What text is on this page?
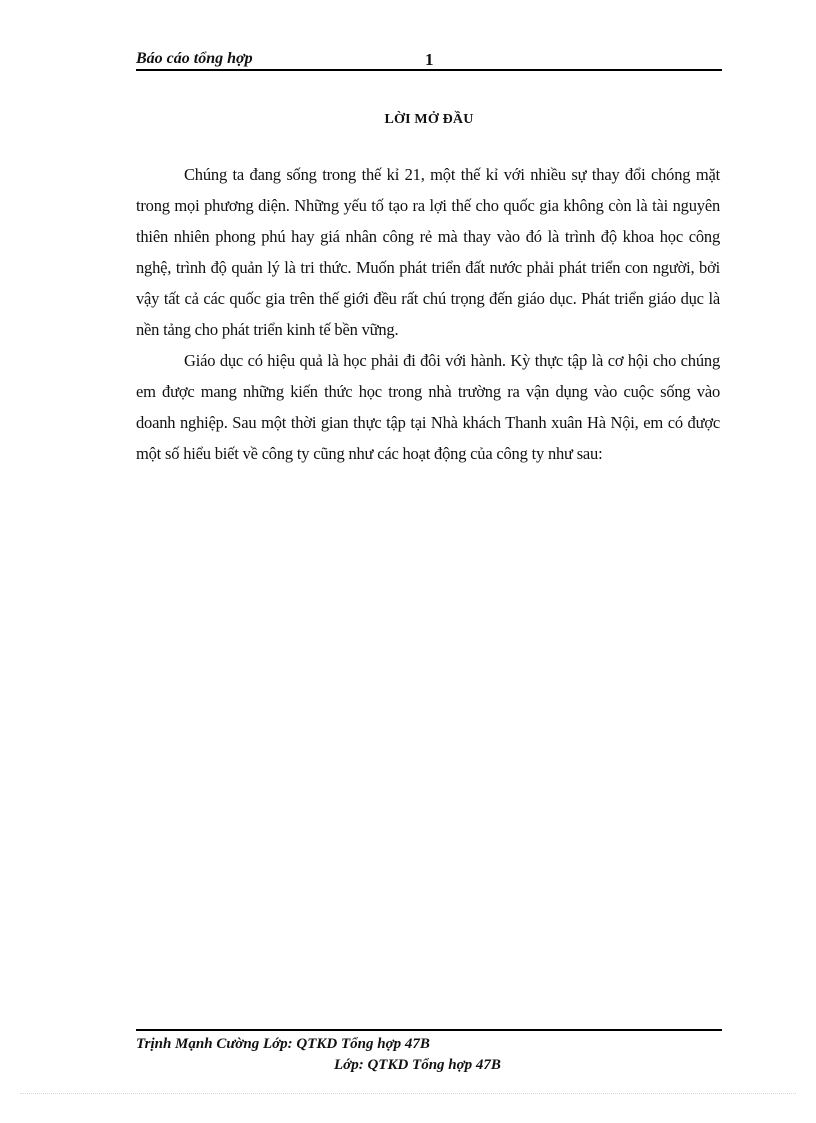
Báo cáo tổng hợp	1
LỜI MỞ ĐẦU

Chúng ta đang sống trong thế kỉ 21, một thế kỉ với nhiều sự thay đổi chóng mặt trong mọi phương diện. Những yếu tố tạo ra lợi thế cho quốc gia không còn là tài nguyên thiên nhiên phong phú hay giá nhân công rẻ mà thay vào đó là trình độ khoa học công nghệ, trình độ quản lý là tri thức. Muốn phát triển đất nước phải phát triển con người, bởi vậy tất cả các quốc gia trên thế giới đều rất chú trọng đến giáo dục. Phát triển giáo dục là nền tảng cho phát triển kinh tế bền vững.

Giáo dục có hiệu quả là học phải đi đôi với hành. Kỳ thực tập là cơ hội cho chúng em được mang những kiến thức học trong nhà trường ra vận dụng vào cuộc sống vào doanh nghiệp. Sau một thời gian thực tập tại Nhà khách Thanh xuân Hà Nội, em có được một số hiểu biết về công ty cũng như các hoạt động của công ty như sau:

Trịnh Mạnh Cường Lớp: QTKD Tổng hợp 47B
Lớp: QTKD Tổng hợp 47B
